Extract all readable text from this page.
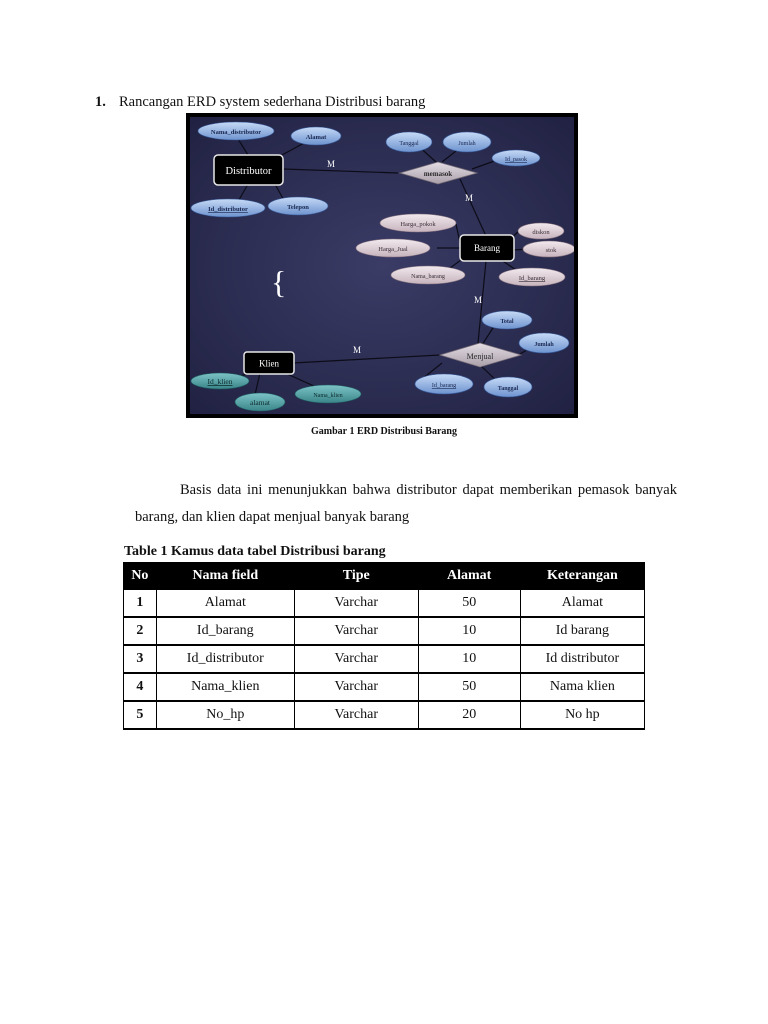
1. Rancangan ERD system sederhana Distribusi barang
Nama_distributor
Alamat
Id_distributor	Telepon
Distributor
Tanggal	Jumlah
Id_pasok
memasok
Harga_pokok
Harga_Jual
Nama_barang
diskon
stok
Id_barang
Barang
Total
Jumlah
Id_barang	Tanggal
Menjual
Id_klien
alamat
Nama_klien
Klien
M
M
M
M
{
Gambar 1 ERD Distribusi Barang
Basis data ini menunjukkan bahwa distributor dapat memberikan pemasok banyak barang, dan klien dapat menjual banyak barang
Table 1 Kamus data tabel Distribusi barang
No	Nama field	Tipe	Alamat	Keterangan
1	Alamat	Varchar	50	Alamat
2	Id_barang	Varchar	10	Id barang
3	Id_distributor	Varchar	10	Id distributor
4	Nama_klien	Varchar	50	Nama klien
5	No_hp	Varchar	20	No hp
